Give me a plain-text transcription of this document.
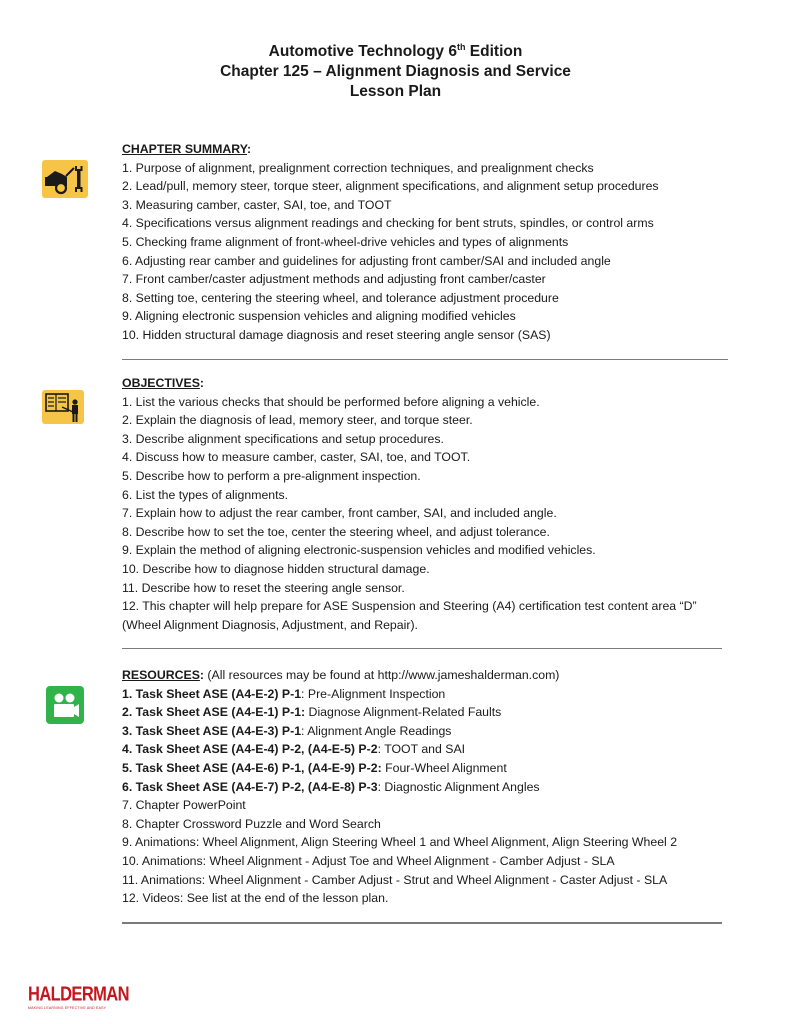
Automotive Technology 6th Edition
Chapter 125 – Alignment Diagnosis and Service
Lesson Plan
CHAPTER SUMMARY:
1. Purpose of alignment, prealignment correction techniques, and prealignment checks
2. Lead/pull, memory steer, torque steer, alignment specifications, and alignment setup procedures
3. Measuring camber, caster, SAI, toe, and TOOT
4. Specifications versus alignment readings and checking for bent struts, spindles, or control arms
5. Checking frame alignment of front-wheel-drive vehicles and types of alignments
6. Adjusting rear camber and guidelines for adjusting front camber/SAI and included angle
7. Front camber/caster adjustment methods and adjusting front camber/caster
8. Setting toe, centering the steering wheel, and tolerance adjustment procedure
9. Aligning electronic suspension vehicles and aligning modified vehicles
10. Hidden structural damage diagnosis and reset steering angle sensor (SAS)
OBJECTIVES:
1. List the various checks that should be performed before aligning a vehicle.
2. Explain the diagnosis of lead, memory steer, and torque steer.
3. Describe alignment specifications and setup procedures.
4. Discuss how to measure camber, caster, SAI, toe, and TOOT.
5. Describe how to perform a pre-alignment inspection.
6. List the types of alignments.
7. Explain how to adjust the rear camber, front camber, SAI, and included angle.
8. Describe how to set the toe, center the steering wheel, and adjust tolerance.
9. Explain the method of aligning electronic-suspension vehicles and modified vehicles.
10. Describe how to diagnose hidden structural damage.
11. Describe how to reset the steering angle sensor.
12. This chapter will help prepare for ASE Suspension and Steering (A4) certification test content area “D” (Wheel Alignment Diagnosis, Adjustment, and Repair).
RESOURCES: (All resources may be found at http://www.jameshalderman.com)
1. Task Sheet ASE (A4-E-2) P-1: Pre-Alignment Inspection
2. Task Sheet ASE (A4-E-1) P-1: Diagnose Alignment-Related Faults
3. Task Sheet ASE (A4-E-3) P-1: Alignment Angle Readings
4. Task Sheet ASE (A4-E-4) P-2, (A4-E-5) P-2: TOOT and SAI
5. Task Sheet ASE (A4-E-6) P-1, (A4-E-9) P-2: Four-Wheel Alignment
6. Task Sheet ASE (A4-E-7) P-2, (A4-E-8) P-3: Diagnostic Alignment Angles
7. Chapter PowerPoint
8. Chapter Crossword Puzzle and Word Search
9. Animations: Wheel Alignment, Align Steering Wheel 1 and Wheel Alignment, Align Steering Wheel 2
10. Animations: Wheel Alignment - Adjust Toe and Wheel Alignment - Camber Adjust - SLA
11. Animations: Wheel Alignment - Camber Adjust - Strut and Wheel Alignment - Caster Adjust - SLA
12. Videos: See list at the end of the lesson plan.
HALDERMAN
MAKING LEARNING EFFECTIVE AND EASY
